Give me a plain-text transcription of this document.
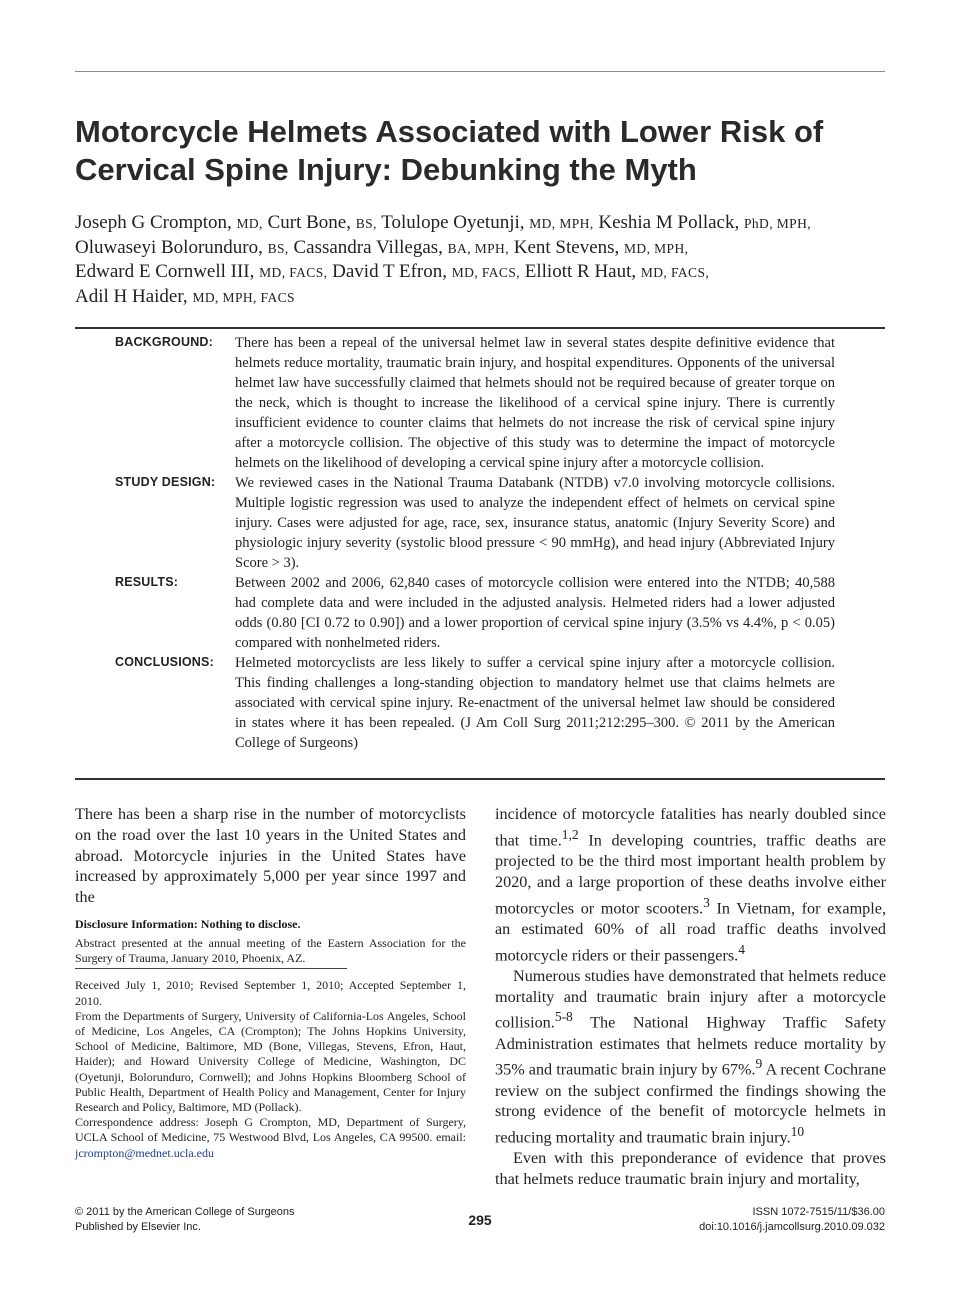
Motorcycle Helmets Associated with Lower Risk of Cervical Spine Injury: Debunking the Myth
Joseph G Crompton, MD, Curt Bone, BS, Tolulope Oyetunji, MD, MPH, Keshia M Pollack, PhD, MPH,
Oluwaseyi Bolorunduro, BS, Cassandra Villegas, BA, MPH, Kent Stevens, MD, MPH,
Edward E Cornwell III, MD, FACS, David T Efron, MD, FACS, Elliott R Haut, MD, FACS,
Adil H Haider, MD, MPH, FACS
BACKGROUND: There has been a repeal of the universal helmet law in several states despite definitive evidence that helmets reduce mortality, traumatic brain injury, and hospital expenditures. Opponents of the universal helmet law have successfully claimed that helmets should not be required because of greater torque on the neck, which is thought to increase the likelihood of a cervical spine injury. There is currently insufficient evidence to counter claims that helmets do not increase the risk of cervical spine injury after a motorcycle collision. The objective of this study was to determine the impact of motorcycle helmets on the likelihood of developing a cervical spine injury after a motorcycle collision.
STUDY DESIGN: We reviewed cases in the National Trauma Databank (NTDB) v7.0 involving motorcycle collisions. Multiple logistic regression was used to analyze the independent effect of helmets on cervical spine injury. Cases were adjusted for age, race, sex, insurance status, anatomic (Injury Severity Score) and physiologic injury severity (systolic blood pressure < 90 mmHg), and head injury (Abbreviated Injury Score > 3).
RESULTS:	Between 2002 and 2006, 62,840 cases of motorcycle collision were entered into the NTDB; 40,588 had complete data and were included in the adjusted analysis. Helmeted riders had a lower adjusted odds (0.80 [CI 0.72 to 0.90]) and a lower proportion of cervical spine injury (3.5% vs 4.4%, p < 0.05) compared with nonhelmeted riders.
CONCLUSIONS: Helmeted motorcyclists are less likely to suffer a cervical spine injury after a motorcycle collision. This finding challenges a long-standing objection to mandatory helmet use that claims helmets are associated with cervical spine injury. Re-enactment of the universal helmet law should be considered in states where it has been repealed. (J Am Coll Surg 2011;212:295–300. © 2011 by the American College of Surgeons)

There has been a sharp rise in the number of motorcyclists on the road over the last 10 years in the United States and abroad. Motorcycle injuries in the United States have increased by approximately 5,000 per year since 1997 and the

Disclosure Information: Nothing to disclose.

Abstract presented at the annual meeting of the Eastern Association for the Surgery of Trauma, January 2010, Phoenix, AZ.

Received July 1, 2010; Revised September 1, 2010; Accepted September 1, 2010.

From the Departments of Surgery, University of California-Los Angeles, School of Medicine, Los Angeles, CA (Crompton); The Johns Hopkins University, School of Medicine, Baltimore, MD (Bone, Villegas, Stevens, Efron, Haut, Haider); and Howard University College of Medicine, Washington, DC (Oyetunji, Bolorunduro, Cornwell); and Johns Hopkins Bloomberg School of Public Health, Department of Health Policy and Management, Center for Injury Research and Policy, Baltimore, MD (Pollack).

Correspondence address: Joseph G Crompton, MD, Department of Surgery, UCLA School of Medicine, 75 Westwood Blvd, Los Angeles, CA 99500. email: jcrompton@mednet.ucla.edu

incidence of motorcycle fatalities has nearly doubled since that time.$^{1,2}$ In developing countries, traffic deaths are projected to be the third most important health problem by 2020, and a large proportion of these deaths involve either motorcycles or motor scooters.$^3$ In Vietnam, for example, an estimated 60% of all road traffic deaths involved motorcycle riders or their passengers.$^4$

Numerous studies have demonstrated that helmets reduce mortality and traumatic brain injury after a motorcycle collision.$^{5-8}$ The National Highway Traffic Safety Administration estimates that helmets reduce mortality by 35% and traumatic brain injury by 67%.$^9$ A recent Cochrane review on the subject confirmed the findings showing the strong evidence of the benefit of motorcycle helmets in reducing mortality and traumatic brain injury.$^{10}$

Even with this preponderance of evidence that proves that helmets reduce traumatic brain injury and mortality,

© 2011 by the American College of Surgeons
Published by Elsevier Inc.	295	ISSN 1072-7515/11/$36.00
doi:10.1016/j.jamcollsurg.2010.09.032
